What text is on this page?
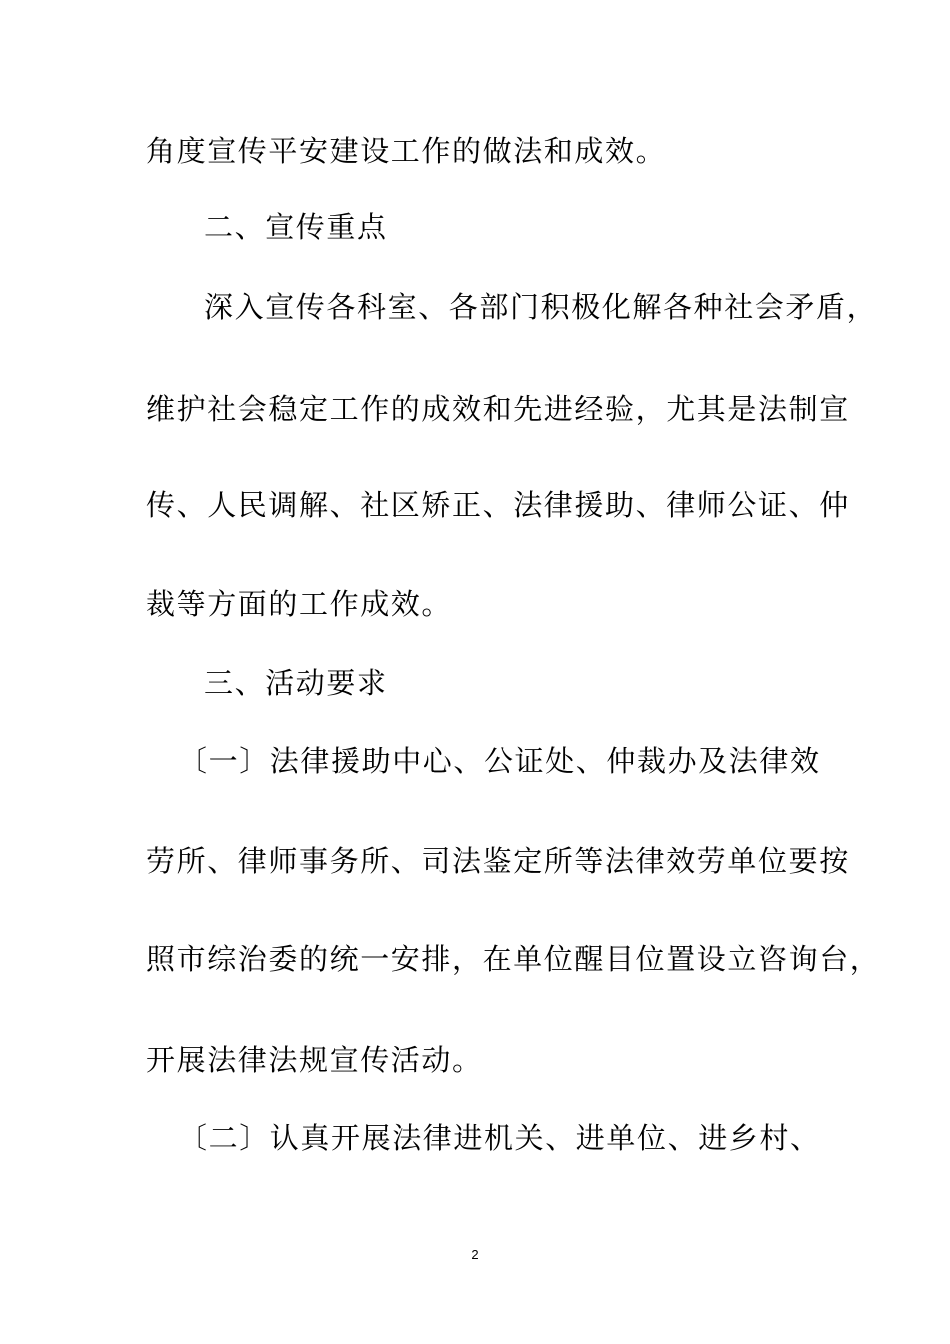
角度宣传平安建设工作的做法和成效。
二、宣传重点
深入宣传各科室、各部门积极化解各种社会矛盾，
维护社会稳定工作的成效和先进经验，尤其是法制宣
传、人民调解、社区矫正、法律援助、律师公证、仲
裁等方面的工作成效。
三、活动要求
〔一〕法律援助中心、公证处、仲裁办及法律效
劳所、律师事务所、司法鉴定所等法律效劳单位要按
照市综治委的统一安排，在单位醒目位置设立咨询台，
开展法律法规宣传活动。
〔二〕认真开展法律进机关、进单位、进乡村、
2
